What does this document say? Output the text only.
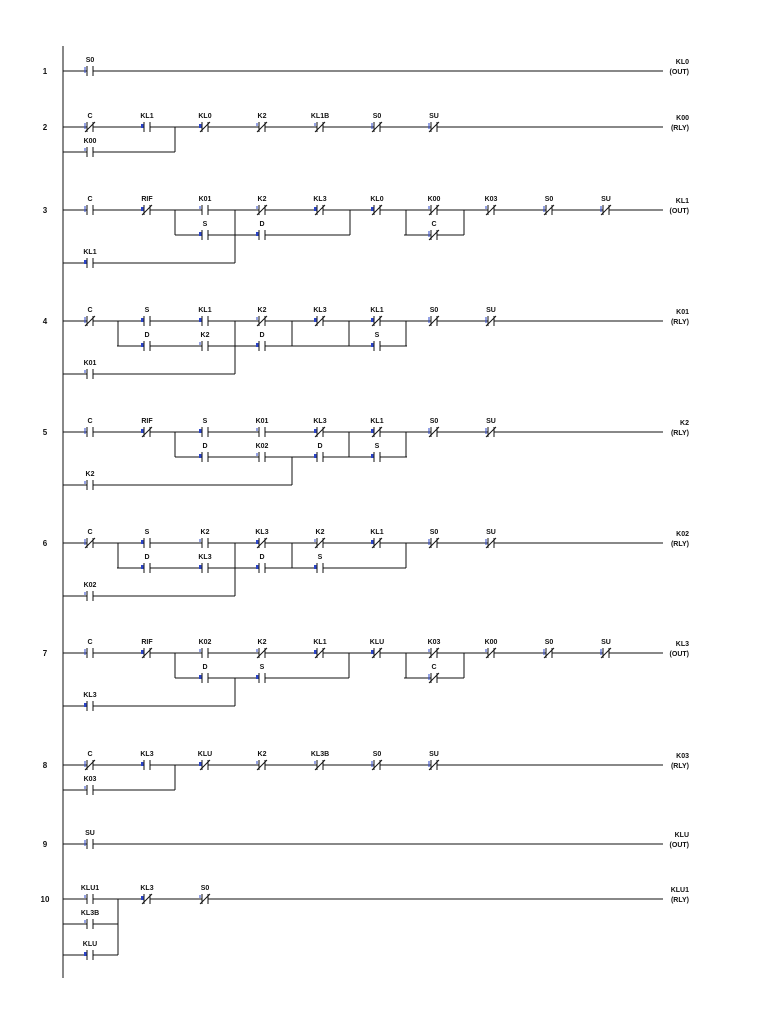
1
KL0
(OUT)
S0
2
K00
(RLY)
C	KL1	KL0	K2	KL1B	S0	SU
K00
3
KL1
(OUT)
C	RIF	K01	K2	KL3	KL0	K00	K03	S0	SU
S	D	C
KL1
4
K01
(RLY)
C	S	KL1	K2	KL3	KL1	S0	SU
D	K2	D	S
K01
5
K2
(RLY)
C	RIF	S	K01	KL3	KL1	S0	SU
D	K02	D	S
K2
6
K02
(RLY)
C	S	K2	KL3	K2	KL1	S0	SU
D	KL3	D	S
K02
7
KL3
(OUT)
C	RIF	K02	K2	KL1	KLU	K03	K00	S0	SU
D	S	C
KL3
8
K03
(RLY)
C	KL3	KLU	K2	KL3B	S0	SU
K03
9
KLU
(OUT)
SU
10
KLU1
(RLY)
KLU1	KL3	S0
KL3B
KLU
